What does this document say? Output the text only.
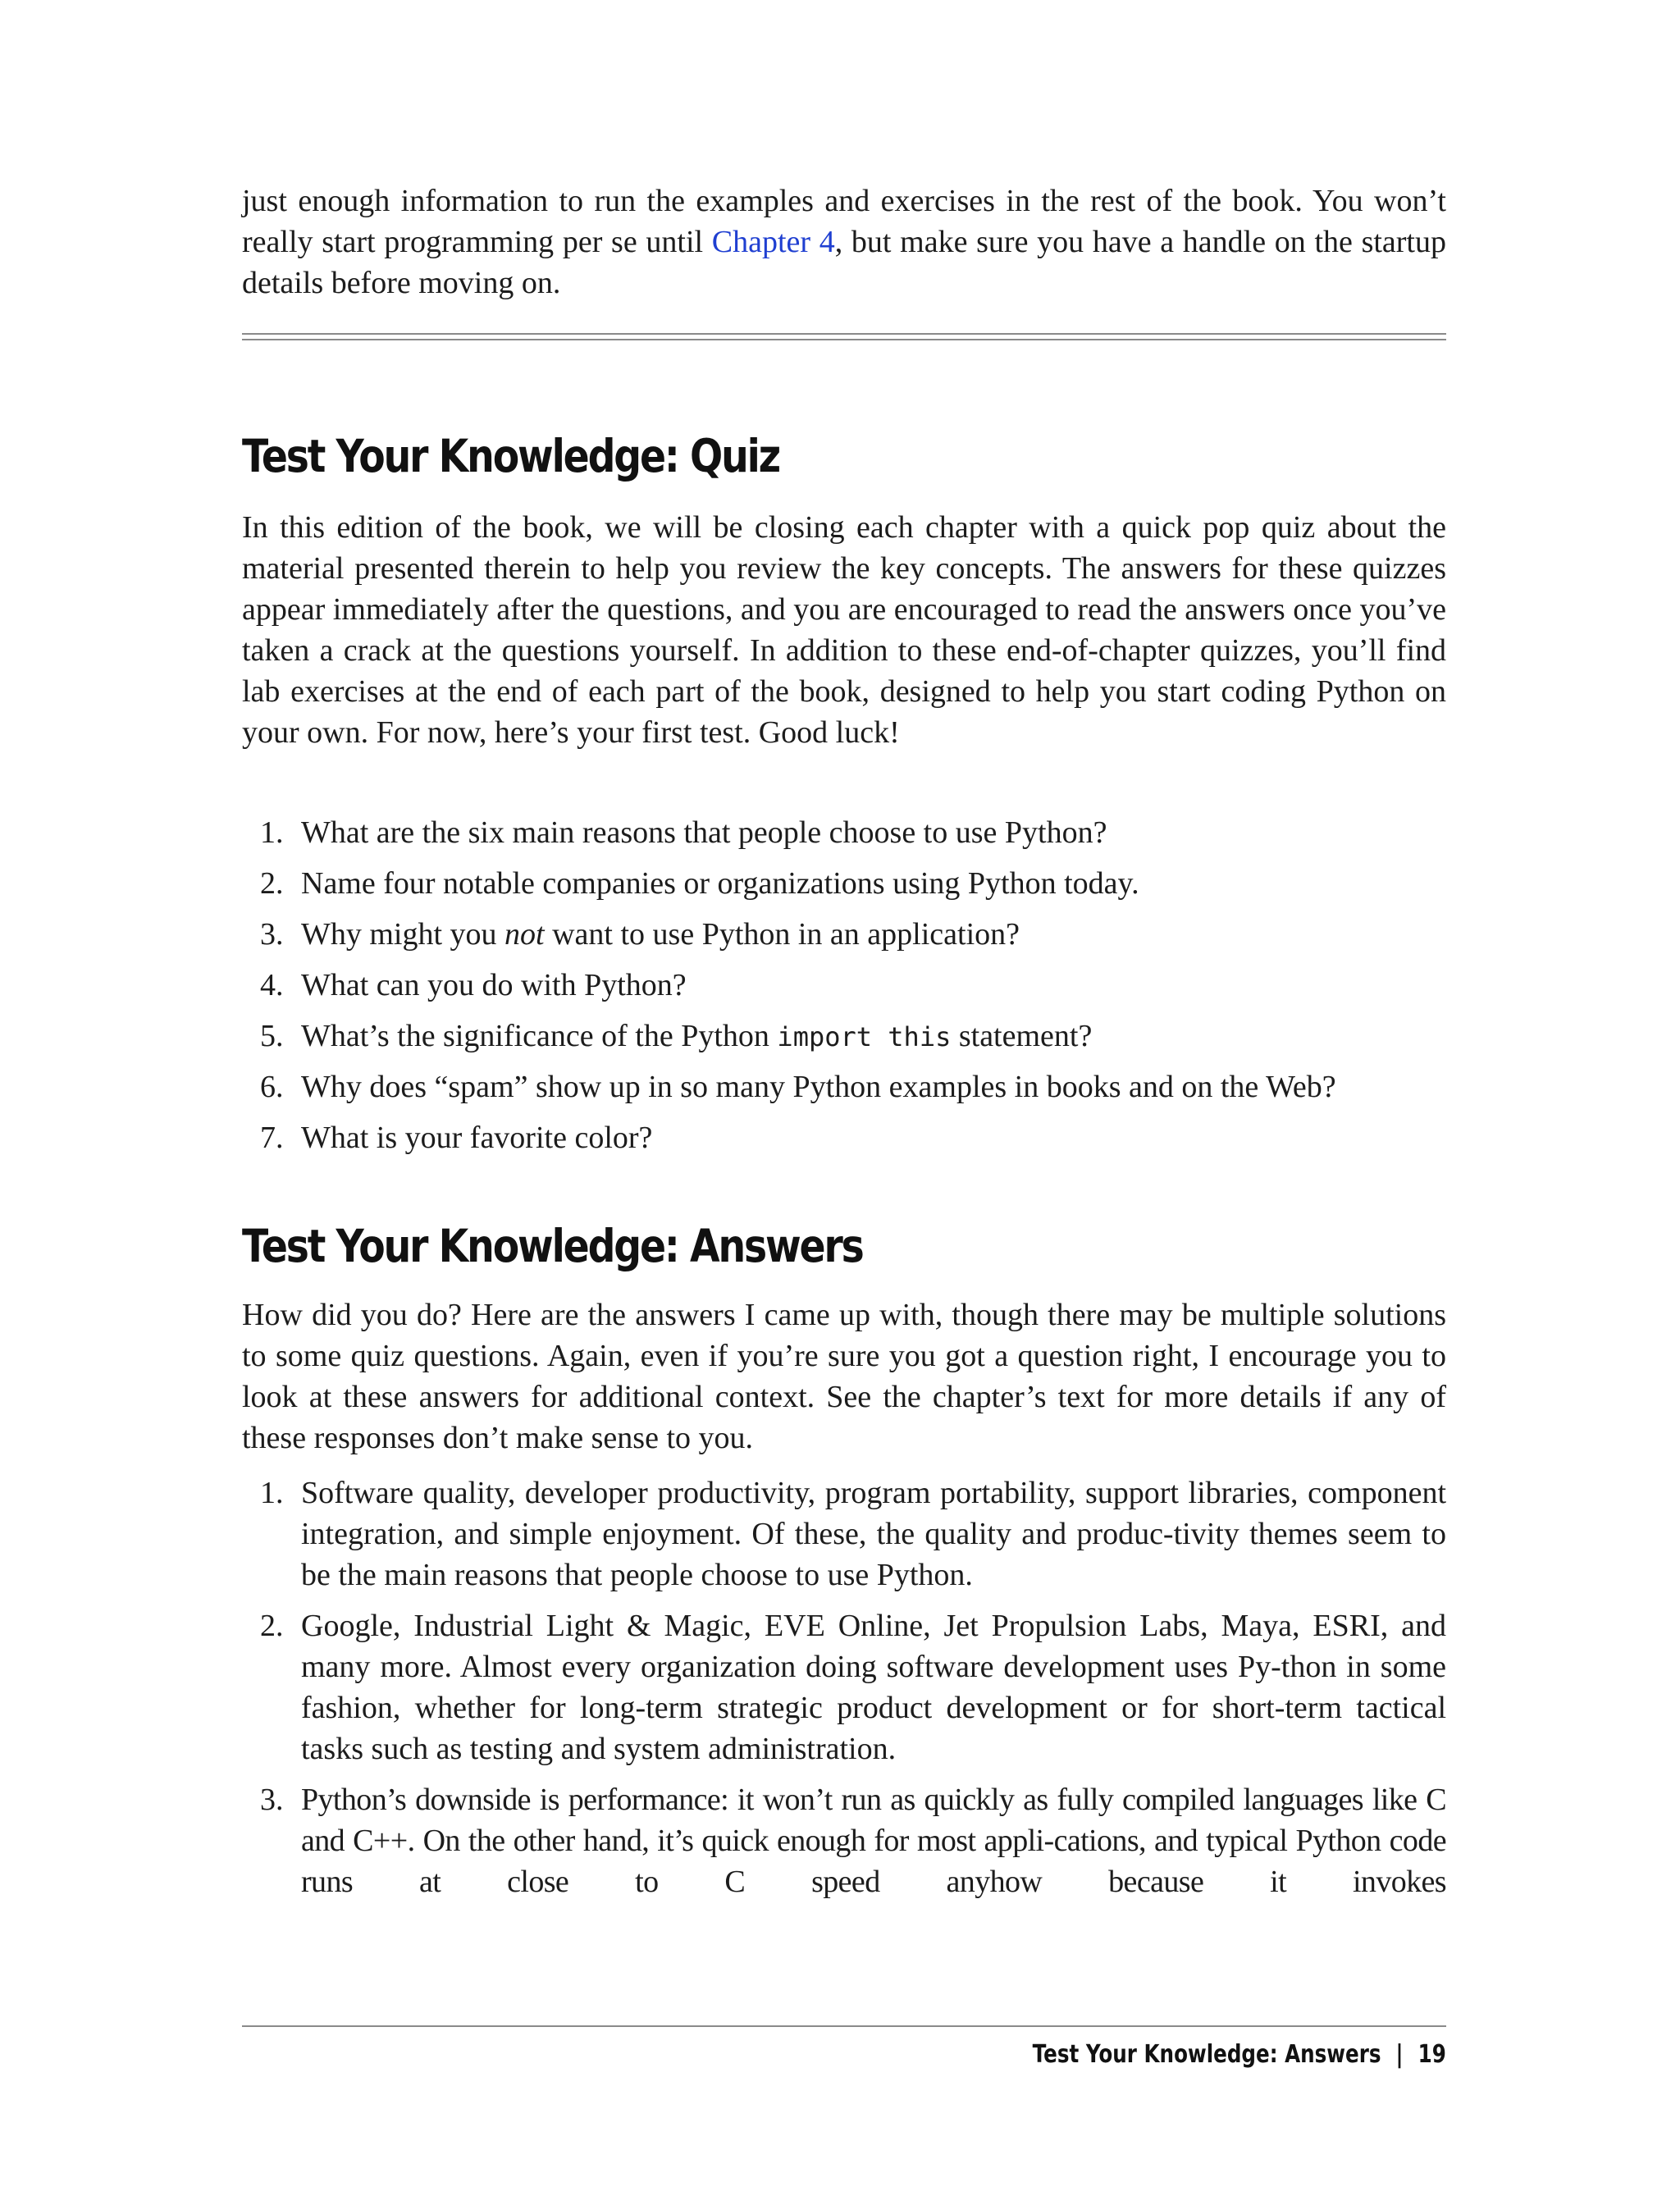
just enough information to run the examples and exercises in the rest of the book. You won’t really start programming per se until Chapter 4, but make sure you have a handle on the startup details before moving on.

Test Your Knowledge: Quiz

In this edition of the book, we will be closing each chapter with a quick pop quiz about the material presented therein to help you review the key concepts. The answers for these quizzes appear immediately after the questions, and you are encouraged to read the answers once you’ve taken a crack at the questions yourself. In addition to these end-of-chapter quizzes, you’ll find lab exercises at the end of each part of the book, designed to help you start coding Python on your own. For now, here’s your first test. Good luck!

1. What are the six main reasons that people choose to use Python?
2. Name four notable companies or organizations using Python today.
3. Why might you not want to use Python in an application?
4. What can you do with Python?
5. What’s the significance of the Python import this statement?
6. Why does “spam” show up in so many Python examples in books and on the Web?
7. What is your favorite color?
Test Your Knowledge: Answers

How did you do? Here are the answers I came up with, though there may be multiple solutions to some quiz questions. Again, even if you’re sure you got a question right, I encourage you to look at these answers for additional context. See the chapter’s text for more details if any of these responses don’t make sense to you.

1. Software quality, developer productivity, program portability, support libraries, component integration, and simple enjoyment. Of these, the quality and produc-tivity themes seem to be the main reasons that people choose to use Python.
2. Google, Industrial Light & Magic, EVE Online, Jet Propulsion Labs, Maya, ESRI, and many more. Almost every organization doing software development uses Py-thon in some fashion, whether for long-term strategic product development or for short-term tactical tasks such as testing and system administration.
3. Python’s downside is performance: it won’t run as quickly as fully compiled languages like C and C++. On the other hand, it’s quick enough for most appli-cations, and typical Python code runs at close to C speed anyhow because it invokes
Test Your Knowledge: Answers | 19
